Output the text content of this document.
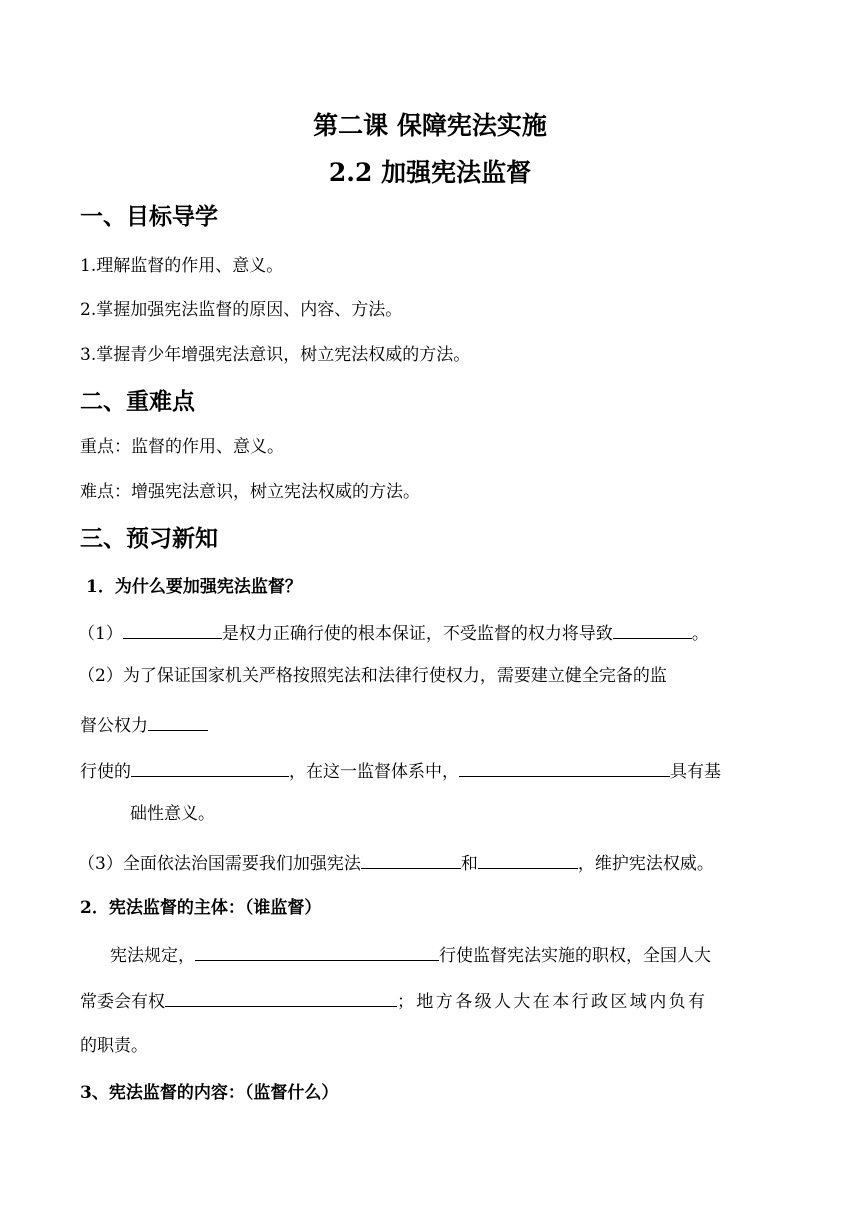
第二课 保障宪法实施
2.2 加强宪法监督
一、目标导学
1.理解监督的作用、意义。
2.掌握加强宪法监督的原因、内容、方法。
3.掌握青少年增强宪法意识，树立宪法权威的方法。
二、重难点
重点：监督的作用、意义。
难点：增强宪法意识，树立宪法权威的方法。
三、预习新知
1．为什么要加强宪法监督？
（1）	是权力正确行使的根本保证，不受监督的权力将导致	。
（2）为了保证国家机关严格按照宪法和法律行使权力，需要建立健全完备的监
督公权力
行使的	，在这一监督体系中，	具有基
础性意义。
（3）全面依法治国需要我们加强宪法	和	，维护宪法权威。
2．宪法监督的主体：（谁监督）
宪法规定，	行使监督宪法实施的职权，全国人大
常委会有权	；地方各级人大在本行政区域内负有
的职责。
3、宪法监督的内容：（监督什么）
